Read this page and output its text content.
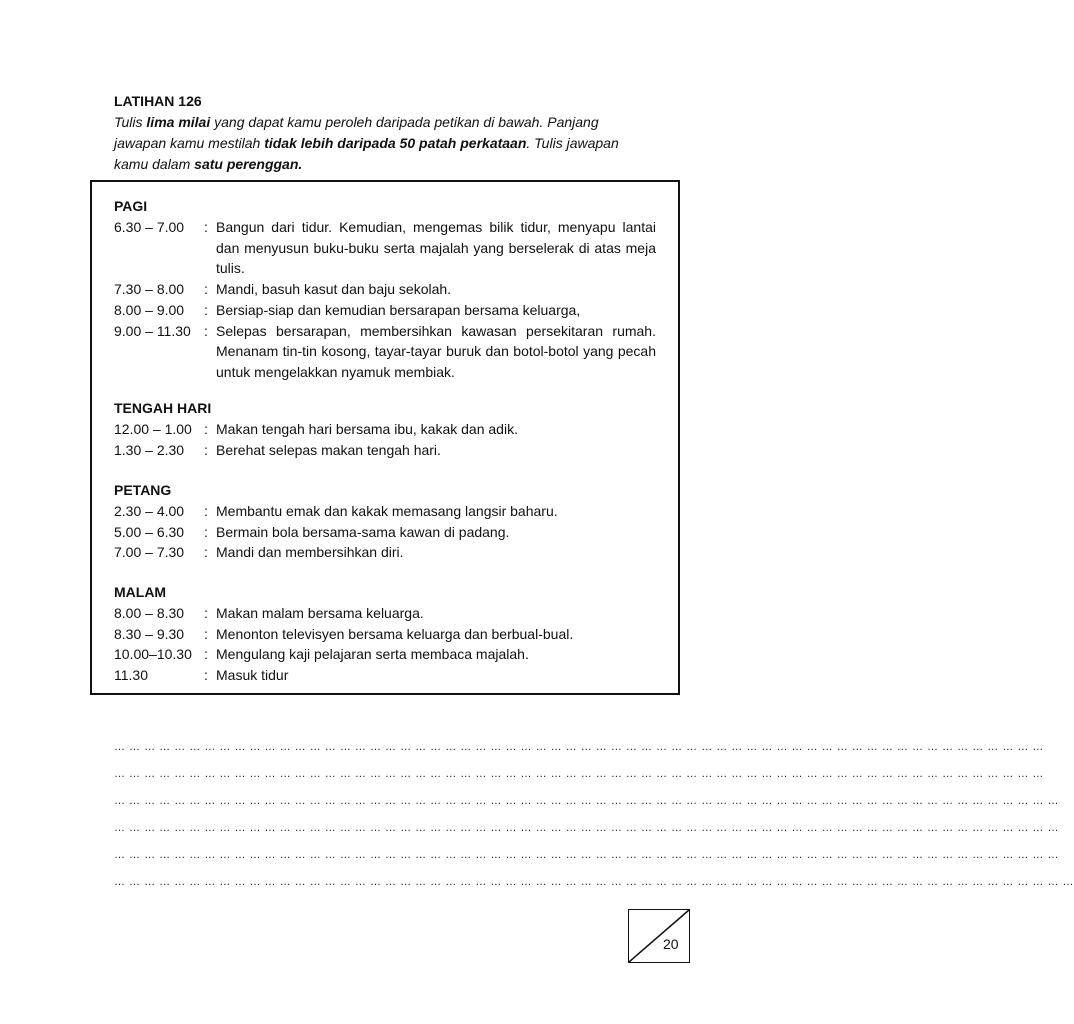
LATIHAN 126
Tulis lima milai yang dapat kamu peroleh daripada petikan di bawah. Panjang jawapan kamu mestilah tidak lebih daripada 50 patah perkataan. Tulis jawapan kamu dalam satu perenggan.
PAGI
6.30 – 7.00	: Bangun dari tidur. Kemudian, mengemas bilik tidur, menyapu lantai dan menyusun buku-buku serta majalah yang berselerak di atas meja tulis.
7.30 – 8.00	: Mandi, basuh kasut dan baju sekolah.
8.00 – 9.00	: Bersiap-siap dan kemudian bersarapan bersama keluarga,
9.00 – 11.30 : Selepas bersarapan, membersihkan kawasan persekitaran rumah. Menanam tin-tin kosong, tayar-tayar buruk dan botol-botol yang pecah untuk mengelakkan nyamuk membiak.
TENGAH HARI
12.00 – 1.00 : Makan tengah hari bersama ibu, kakak dan adik.
1.30 – 2.30	: Berehat selepas makan tengah hari.
PETANG
2.30 – 4.00	: Membantu emak dan kakak memasang langsir baharu.
5.00 – 6.30	: Bermain bola bersama-sama kawan di padang.
7.00 – 7.30	: Mandi dan membersihkan diri.
MALAM
8.00 – 8.30	: Makan malam bersama keluarga.
8.30 – 9.30	: Menonton televisyen bersama keluarga dan berbual-bual.
10.00–10.30 : Mengulang kaji pelajaran serta membaca majalah.
11.30	: Masuk tidur
… … … … … … … … … … … … … … … … … … … … … … … … … … … … … … … … … … … … … … … … … … … … … … … … … … … … … … … … … … … … … …
… … … … … … … … … … … … … … … … … … … … … … … … … … … … … … … … … … … … … … … … … … … … … … … … … … … … … … … … … … … … … …
… … … … … … … … … … … … … … … … … … … … … … … … … … … … … … … … … … … … … … … … … … … … … … … … … … … … … … … … … … … … … … …
… … … … … … … … … … … … … … … … … … … … … … … … … … … … … … … … … … … … … … … … … … … … … … … … … … … … … … … … … … … … … … …
… … … … … … … … … … … … … … … … … … … … … … … … … … … … … … … … … … … … … … … … … … … … … … … … … … … … … … … … … … … … … … …
… … … … … … … … … … … … … … … … … … … … … … … … … … … … … … … … … … … … … … … … … … … … … … … … … … … … … … … … … … … … … … … …
20
